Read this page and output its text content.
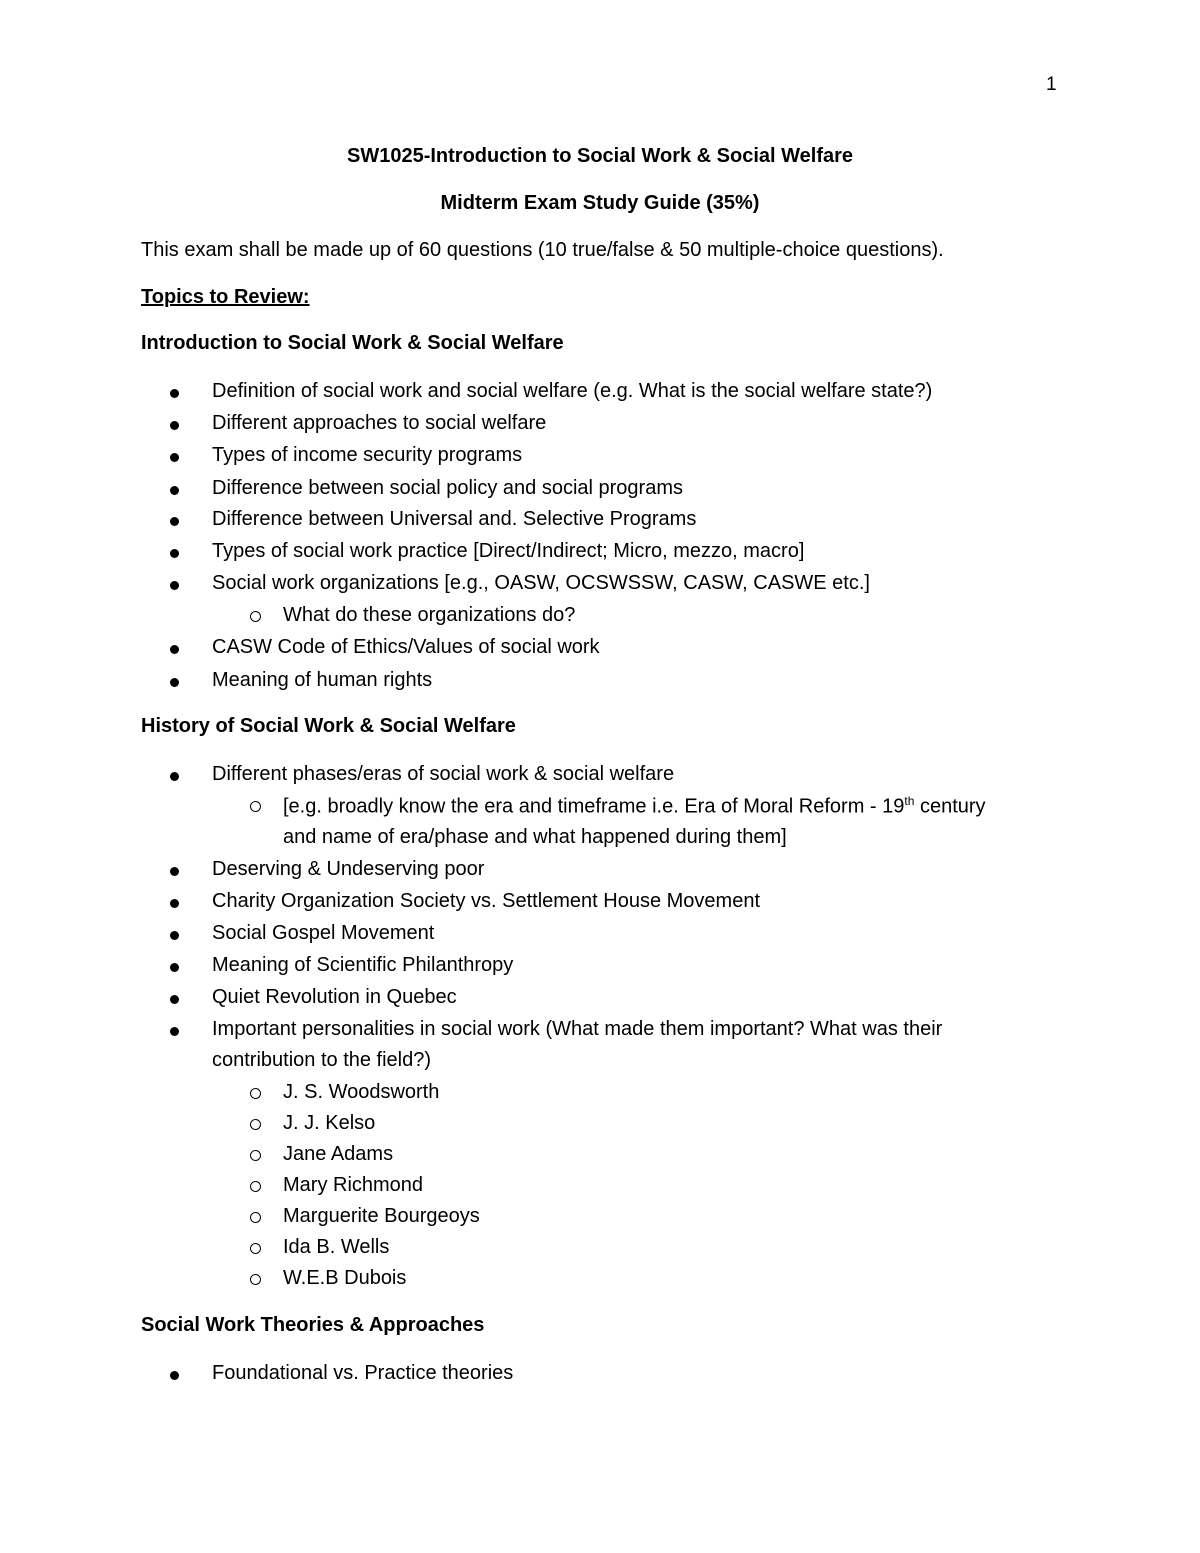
1
SW1025-Introduction to Social Work & Social Welfare
Midterm Exam Study Guide (35%)
This exam shall be made up of 60 questions (10 true/false & 50 multiple-choice questions).
Topics to Review:
Introduction to Social Work & Social Welfare
Definition of social work and social welfare (e.g. What is the social welfare state?)
Different approaches to social welfare
Types of income security programs
Difference between social policy and social programs
Difference between Universal and. Selective Programs
Types of social work practice [Direct/Indirect; Micro, mezzo, macro]
Social work organizations [e.g., OASW, OCSWSSW, CASW, CASWE etc.]
What do these organizations do?
CASW Code of Ethics/Values of social work
Meaning of human rights
History of Social Work & Social Welfare
Different phases/eras of social work & social welfare
[e.g. broadly know the era and timeframe i.e. Era of Moral Reform - 19th century
and name of era/phase and what happened during them]
Deserving & Undeserving poor
Charity Organization Society vs. Settlement House Movement
Social Gospel Movement
Meaning of Scientific Philanthropy
Quiet Revolution in Quebec
Important personalities in social work (What made them important? What was their
contribution to the field?)
J. S. Woodsworth
J. J. Kelso
Jane Adams
Mary Richmond
Marguerite Bourgeoys
Ida B. Wells
W.E.B Dubois
Social Work Theories & Approaches
Foundational vs. Practice theories
